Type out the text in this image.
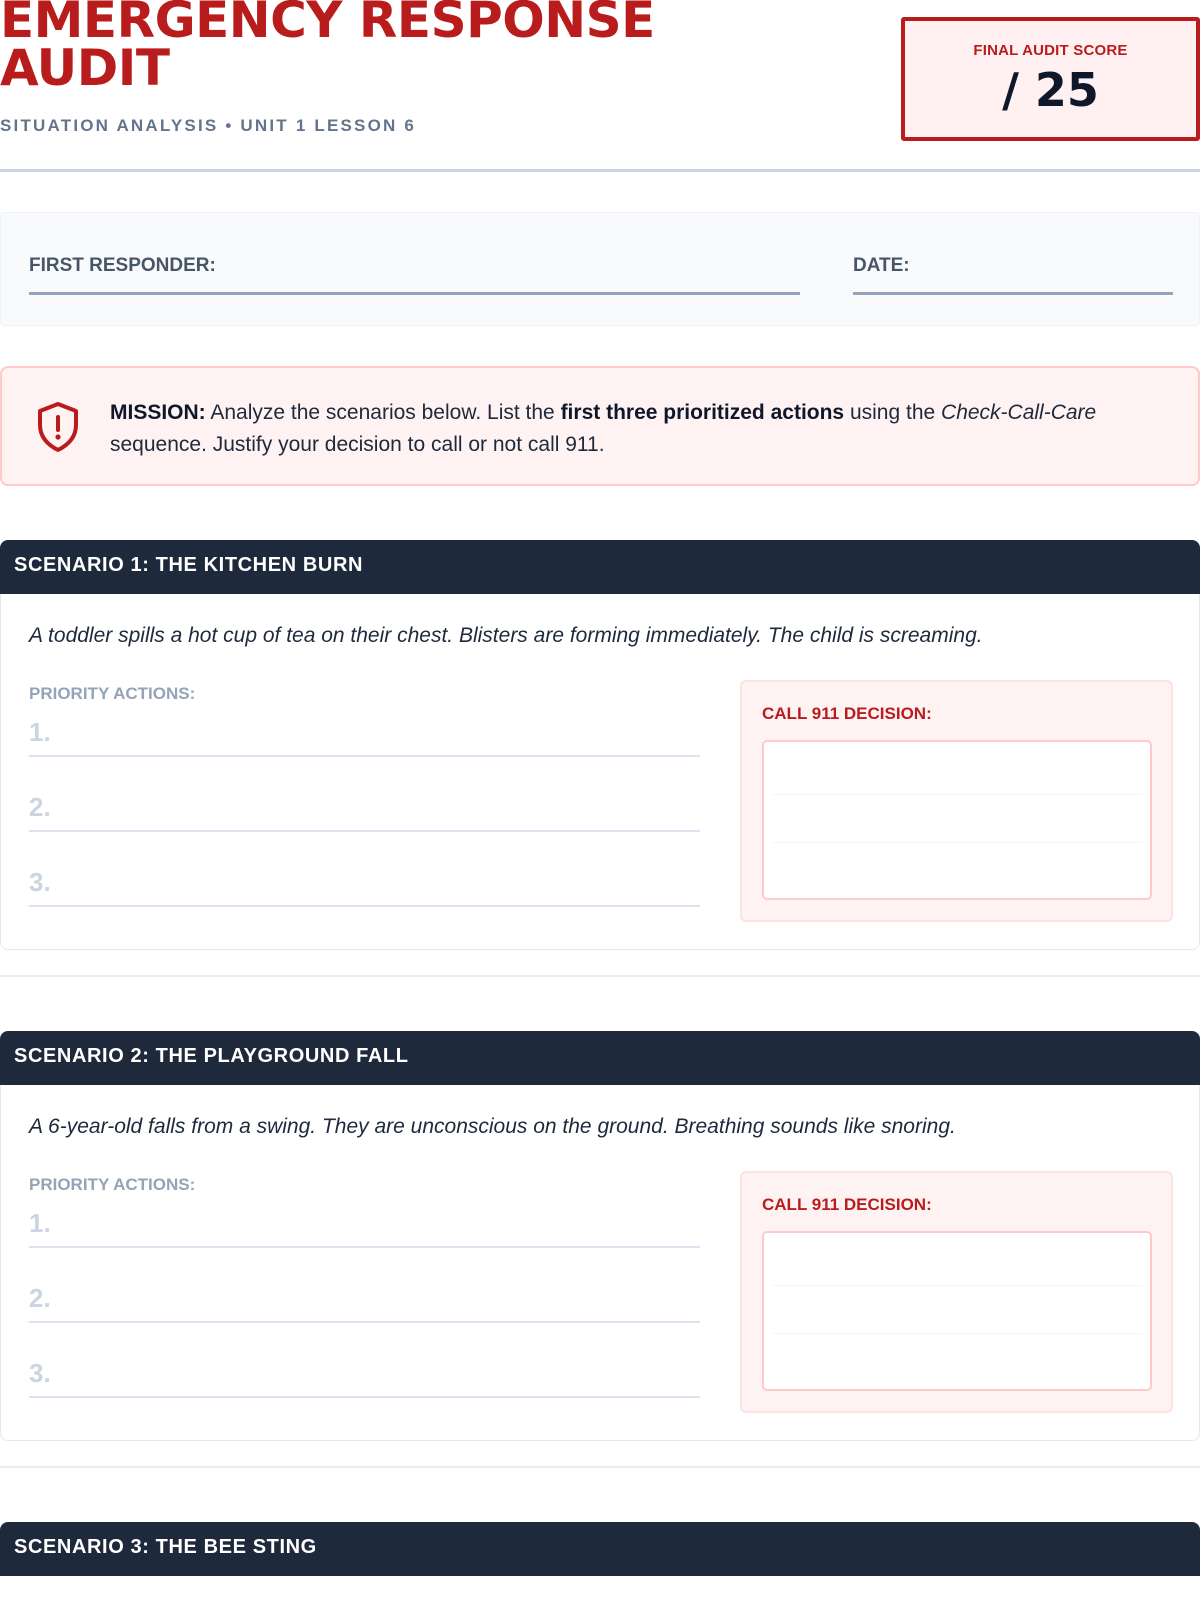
EMERGENCY RESPONSE
AUDIT
SITUATION ANALYSIS • UNIT 1 LESSON 6
FINAL AUDIT SCORE
/ 25
FIRST RESPONDER:	DATE:
MISSION: Analyze the scenarios below. List the first three prioritized actions using the Check-Call-Care sequence. Justify your decision to call or not call 911.
SCENARIO 1: THE KITCHEN BURN
A toddler spills a hot cup of tea on their chest. Blisters are forming immediately. The child is screaming.
PRIORITY ACTIONS:
1.
2.
3.
CALL 911 DECISION:
SCENARIO 2: THE PLAYGROUND FALL
A 6-year-old falls from a swing. They are unconscious on the ground. Breathing sounds like snoring.
PRIORITY ACTIONS:
1.
2.
3.
CALL 911 DECISION:
SCENARIO 3: THE BEE STING
